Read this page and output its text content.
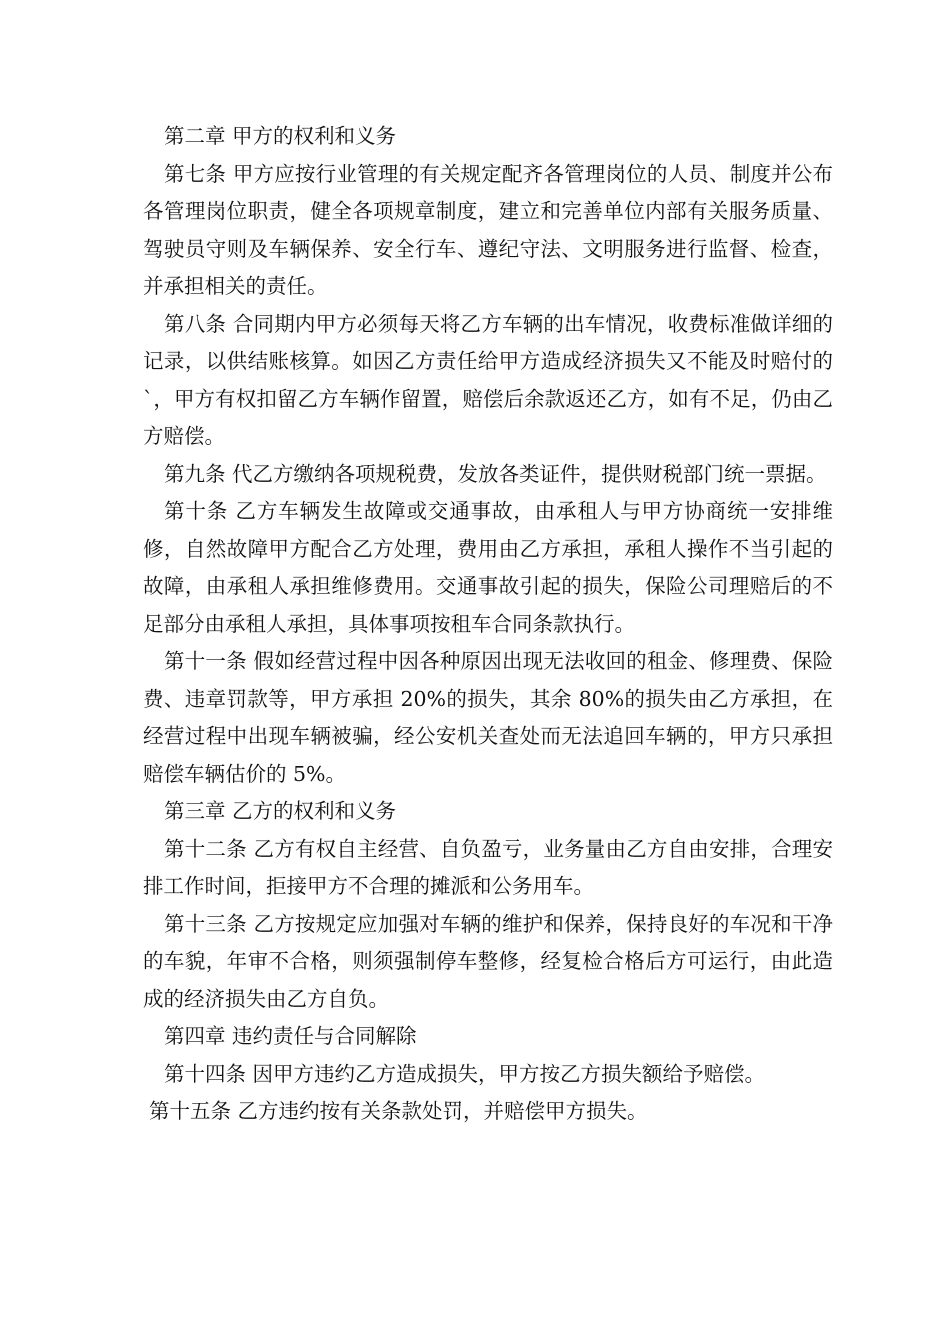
第二章 甲方的权利和义务

第七条 甲方应按行业管理的有关规定配齐各管理岗位的人员、制度并公布各管理岗位职责，健全各项规章制度，建立和完善单位内部有关服务质量、驾驶员守则及车辆保养、安全行车、遵纪守法、文明服务进行监督、检查，并承担相关的责任。

第八条 合同期内甲方必须每天将乙方车辆的出车情况，收费标准做详细的记录，以供结账核算。如因乙方责任给甲方造成经济损失又不能及时赔付的`，甲方有权扣留乙方车辆作留置，赔偿后余款返还乙方，如有不足，仍由乙方赔偿。

第九条 代乙方缴纳各项规税费，发放各类证件，提供财税部门统一票据。

第十条 乙方车辆发生故障或交通事故，由承租人与甲方协商统一安排维修，自然故障甲方配合乙方处理，费用由乙方承担，承租人操作不当引起的故障，由承租人承担维修费用。交通事故引起的损失，保险公司理赔后的不足部分由承租人承担，具体事项按租车合同条款执行。

第十一条 假如经营过程中因各种原因出现无法收回的租金、修理费、保险费、违章罚款等，甲方承担 20%的损失，其余 80%的损失由乙方承担，在经营过程中出现车辆被骗，经公安机关查处而无法追回车辆的，甲方只承担赔偿车辆估价的 5%。

第三章 乙方的权利和义务

第十二条 乙方有权自主经营、自负盈亏，业务量由乙方自由安排，合理安排工作时间，拒接甲方不合理的摊派和公务用车。

第十三条 乙方按规定应加强对车辆的维护和保养，保持良好的车况和干净的车貌，年审不合格，则须强制停车整修，经复检合格后方可运行，由此造成的经济损失由乙方自负。

第四章 违约责任与合同解除

第十四条 因甲方违约乙方造成损失，甲方按乙方损失额给予赔偿。

第十五条 乙方违约按有关条款处罚，并赔偿甲方损失。
